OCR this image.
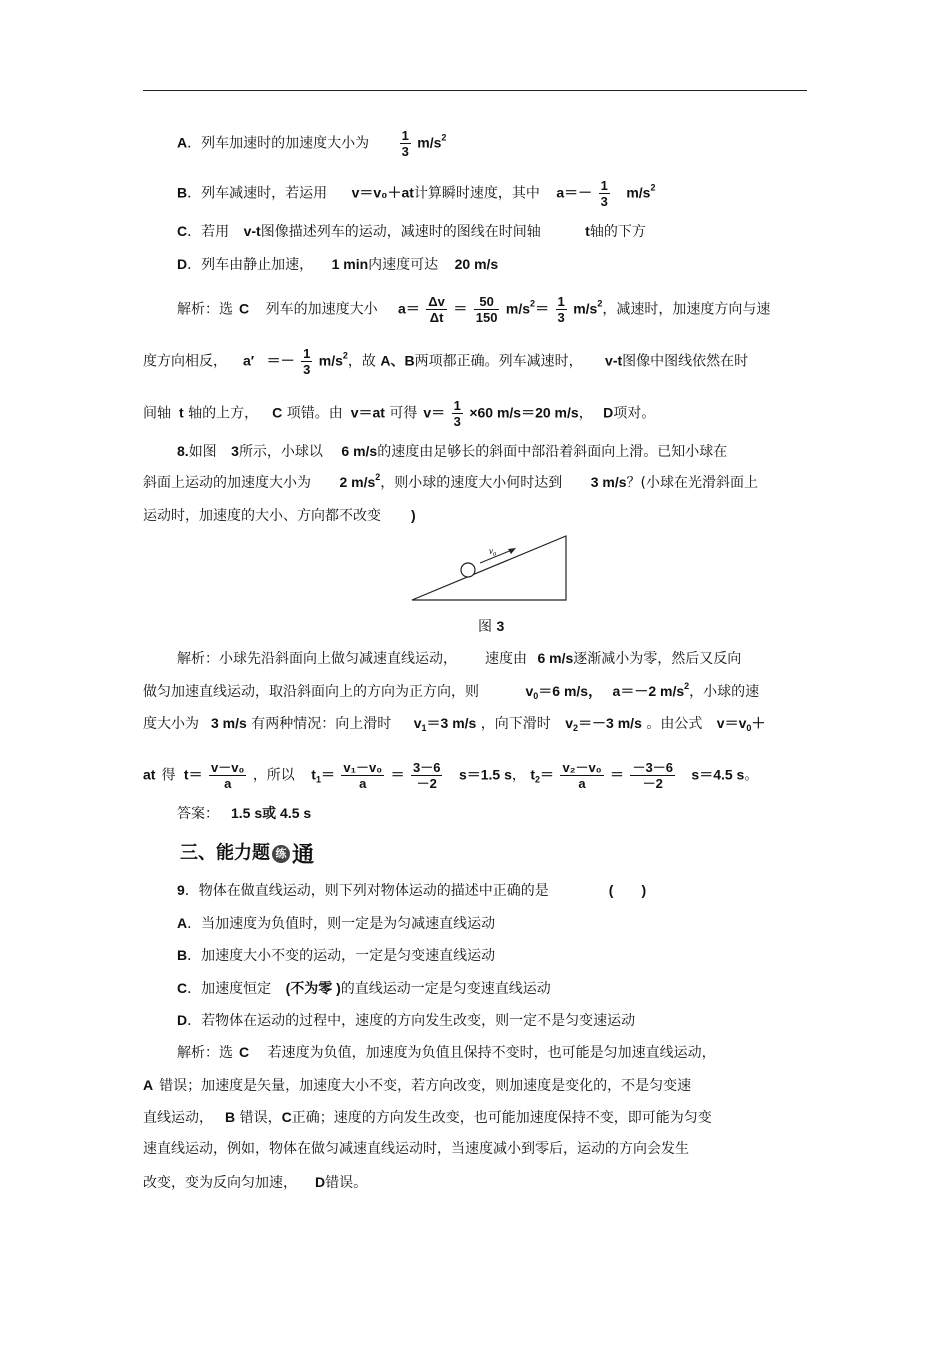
A．列车加速时的加速度大小为 $\frac{1}{3} m/s^2$
B．列车减速时，若运用 v＝v₀＋at计算瞬时速度，其中 $a=- \frac{1}{3} m/s^2$
C．若用 v-t图像描述列车的运动，减速时的图线在时间轴	t轴的下方
D．列车由静止加速， 1 min内速度可达 20 m/s
解析：选 C 列车的加速度大小 $a= \frac{\Delta v}{\Delta t} = \frac{50}{150} m/s^2= \frac{1}{3} m/s^2$，减速时，加速度方向与速
度方向相反， $a' =- \frac{1}{3} m/s^2$，故 A、B两项都正确。列车减速时， v-t图像中图线依然在时
间轴 t 轴的上方， C 项错。由 v＝at 可得 $v= \frac{1}{3} \times 60$ m/s＝20 m/s， D项对。
8.如图 3所示，小球以 6 m/s的速度由足够长的斜面中部沿着斜面向上滑。已知小球在
斜面上运动的加速度大小为 2 $m/s^2$，则小球的速度大小何时达到 3 m/s？(小球在光滑斜面上
运动时，加速度的大小、方向都不改变 )
$v_0$
图 3
解析：小球先沿斜面向上做匀减速直线运动， 速度由 6 m/s逐渐减小为零，然后又反向
做匀加速直线运动，取沿斜面向上的方向为正方向，则	$v_0=6$ m/s， a＝－2 $m/s^2$，小球的速
度大小为 3 m/s 有两种情况：向上滑时 $v_1=3$ m/s ，向下滑时 $v_2=-3$ m/s 。由公式 $v=v_0+$
at 得 $t= \frac{\text{v－v₀}}{a}$ ，所以 $t_1= \frac{\text{v₁－v₀}}{a} = \frac{3-6}{-2} s=1.5$ s， $t_2= \frac{\text{v₂－v₀}}{a} = \frac{-3-6}{-2} s=4.5$ s。
答案： 1.5 s或 4.5 s
三、能力题 练 通
9．物体在做直线运动，则下列对物体运动的描述中正确的是	(　　)
A．当加速度为负值时，则一定是为匀减速直线运动
B．加速度大小不变的运动，一定是匀变速直线运动
C．加速度恒定 (不为零 )的直线运动一定是匀变速直线运动
D．若物体在运动的过程中，速度的方向发生改变，则一定不是匀变速运动
解析：选 C 若速度为负值，加速度为负值且保持不变时，也可能是匀加速直线运动，
A 错误；加速度是矢量，加速度大小不变，若方向改变，则加速度是变化的，不是匀变速
直线运动， B 错误，C正确；速度的方向发生改变，也可能加速度保持不变，即可能为匀变
速直线运动，例如，物体在做匀减速直线运动时，当速度减小到零后，运动的方向会发生
改变，变为反向匀加速， D错误。
